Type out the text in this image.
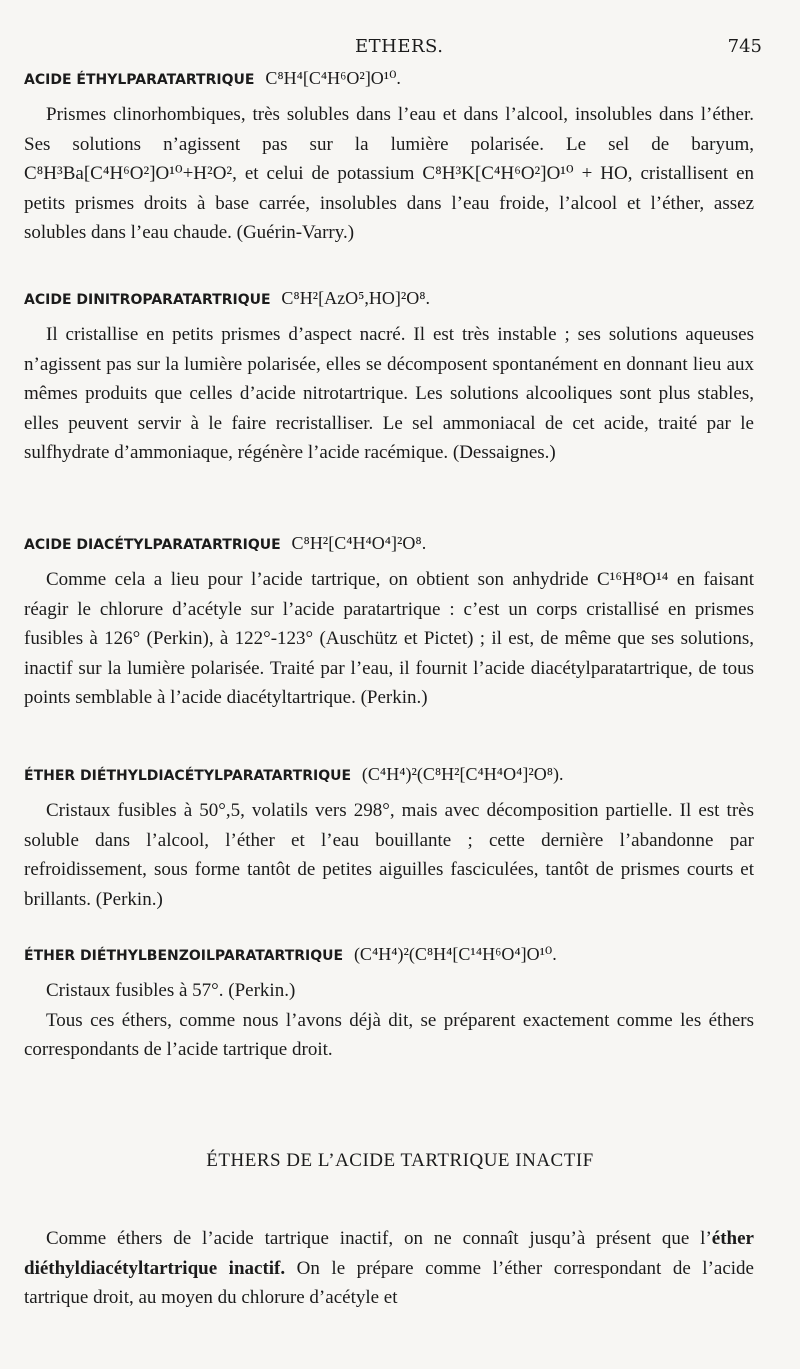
ETHERS.	745
ACIDE ÉTHYLPARATARTRIQUE C⁸H⁴[C⁴H⁶O²]O¹⁰.

Prismes clinorhombiques, très solubles dans l’eau et dans l’alcool, insolubles dans l’éther. Ses solutions n’agissent pas sur la lumière polarisée. Le sel de baryum, C⁸H³Ba[C⁴H⁶O²]O¹⁰+H²O², et celui de potassium C⁸H³K[C⁴H⁶O²]O¹⁰ + HO, cristallisent en petits prismes droits à base carrée, insolubles dans l’eau froide, l’alcool et l’éther, assez solubles dans l’eau chaude. (Guérin-Varry.)

ACIDE DINITROPARATARTRIQUE C⁸H²[AzO⁵,HO]²O⁸.

Il cristallise en petits prismes d’aspect nacré. Il est très instable ; ses solutions aqueuses n’agissent pas sur la lumière polarisée, elles se décomposent spontanément en donnant lieu aux mêmes produits que celles d’acide nitrotartrique. Les solutions alcooliques sont plus stables, elles peuvent servir à le faire recristalliser. Le sel ammoniacal de cet acide, traité par le sulfhydrate d’ammoniaque, régénère l’acide racémique. (Dessaignes.)

ACIDE DIACÉTYLPARATARTRIQUE C⁸H²[C⁴H⁴O⁴]²O⁸.

Comme cela a lieu pour l’acide tartrique, on obtient son anhydride C¹⁶H⁸O¹⁴ en faisant réagir le chlorure d’acétyle sur l’acide paratartrique : c’est un corps cristallisé en prismes fusibles à 126° (Perkin), à 122°-123° (Auschütz et Pictet) ; il est, de même que ses solutions, inactif sur la lumière polarisée. Traité par l’eau, il fournit l’acide diacétylparatartrique, de tous points semblable à l’acide diacétyltartrique. (Perkin.)

ÉTHER DIÉTHYLDIACÉTYLPARATARTRIQUE (C⁴H⁴)²(C⁸H²[C⁴H⁴O⁴]²O⁸).

Cristaux fusibles à 50°,5, volatils vers 298°, mais avec décomposition partielle. Il est très soluble dans l’alcool, l’éther et l’eau bouillante ; cette dernière l’abandonne par refroidissement, sous forme tantôt de petites aiguilles fasciculées, tantôt de prismes courts et brillants. (Perkin.)

ÉTHER DIÉTHYLBENZOILPARATARTRIQUE (C⁴H⁴)²(C⁸H⁴[C¹⁴H⁶O⁴]O¹⁰.

Cristaux fusibles à 57°. (Perkin.)

Tous ces éthers, comme nous l’avons déjà dit, se préparent exactement comme les éthers correspondants de l’acide tartrique droit.

ÉTHERS DE L’ACIDE TARTRIQUE INACTIF

Comme éthers de l’acide tartrique inactif, on ne connaît jusqu’à présent que l’éther diéthyldiacétyltartrique inactif. On le prépare comme l’éther correspondant de l’acide tartrique droit, au moyen du chlorure d’acétyle et
